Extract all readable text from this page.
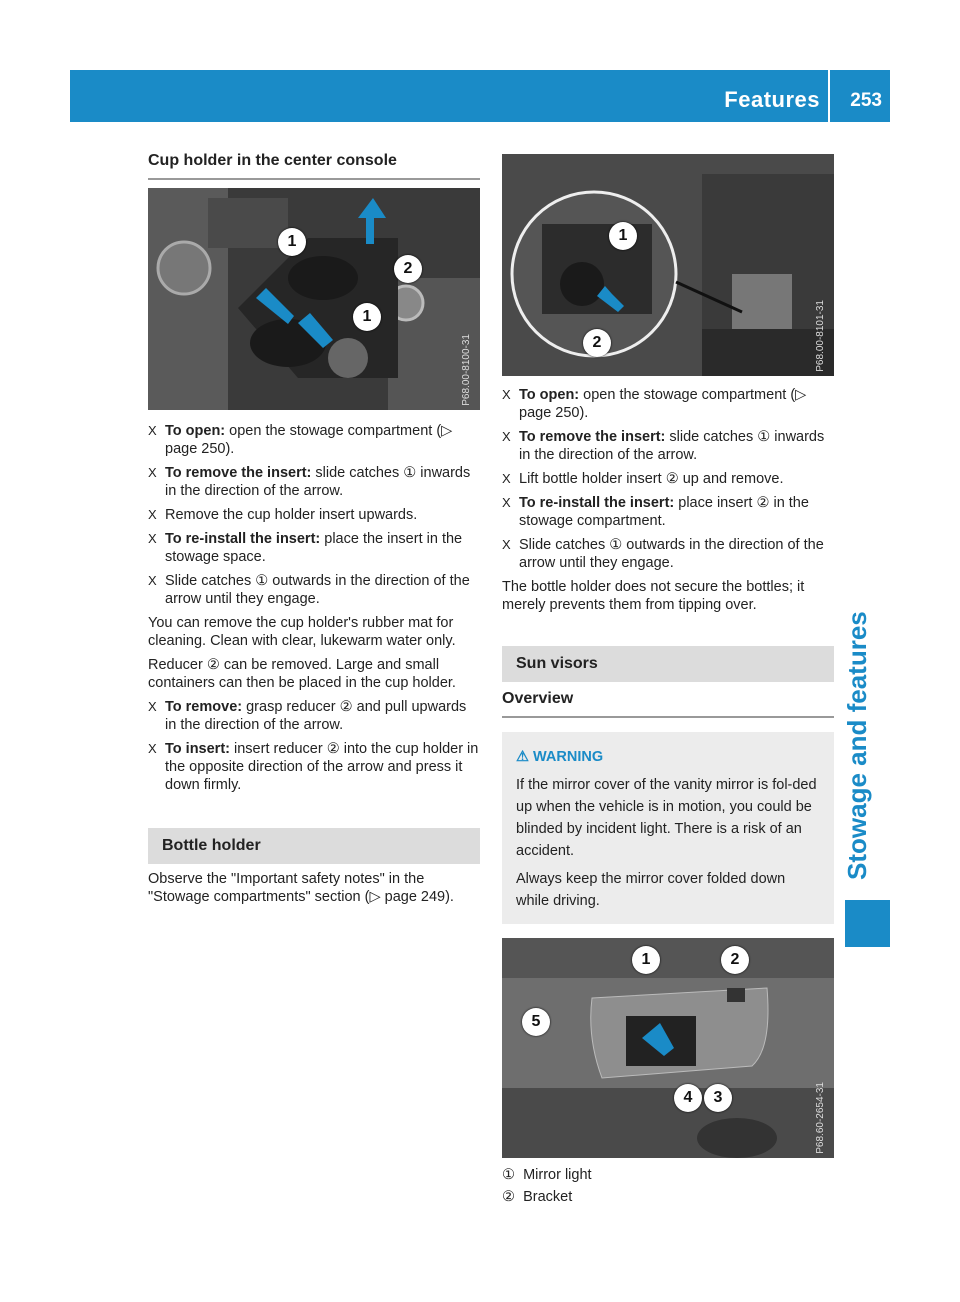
Features 253
Stowage and features
Cup holder in the center console
1
2
1
P68.00-8100-31
X To open: open the stowage compartment (▷ page 250).
X To remove the insert: slide catches ① inwards in the direction of the arrow.
X Remove the cup holder insert upwards.
X To re-install the insert: place the insert in the stowage space.
X Slide catches ① outwards in the direction of the arrow until they engage.

You can remove the cup holder's rubber mat for cleaning. Clean with clear, lukewarm water only.

Reducer ② can be removed. Large and small containers can then be placed in the cup holder.

X To remove: grasp reducer ② and pull upwards in the direction of the arrow.
X To insert: insert reducer ② into the cup holder in the opposite direction of the arrow and press it down firmly.
Bottle holder

Observe the "Important safety notes" in the "Stowage compartments" section (▷ page 249).

1
2	P68.00-8101-31
X To open: open the stowage compartment (▷ page 250).
X To remove the insert: slide catches ① inwards in the direction of the arrow.
X Lift bottle holder insert ② up and remove.
X To re-install the insert: place insert ② in the stowage compartment.
X Slide catches ① outwards in the direction of the arrow until they engage.

The bottle holder does not secure the bottles; it merely prevents them from tipping over.

Sun visors
Overview
⚠ WARNING

If the mirror cover of the vanity mirror is fol-ded up when the vehicle is in motion, you could be blinded by incident light. There is a risk of an accident.

Always keep the mirror cover folded down while driving.

1	2
5
4	3	P68.60-2654-31
① Mirror light
② Bracket
